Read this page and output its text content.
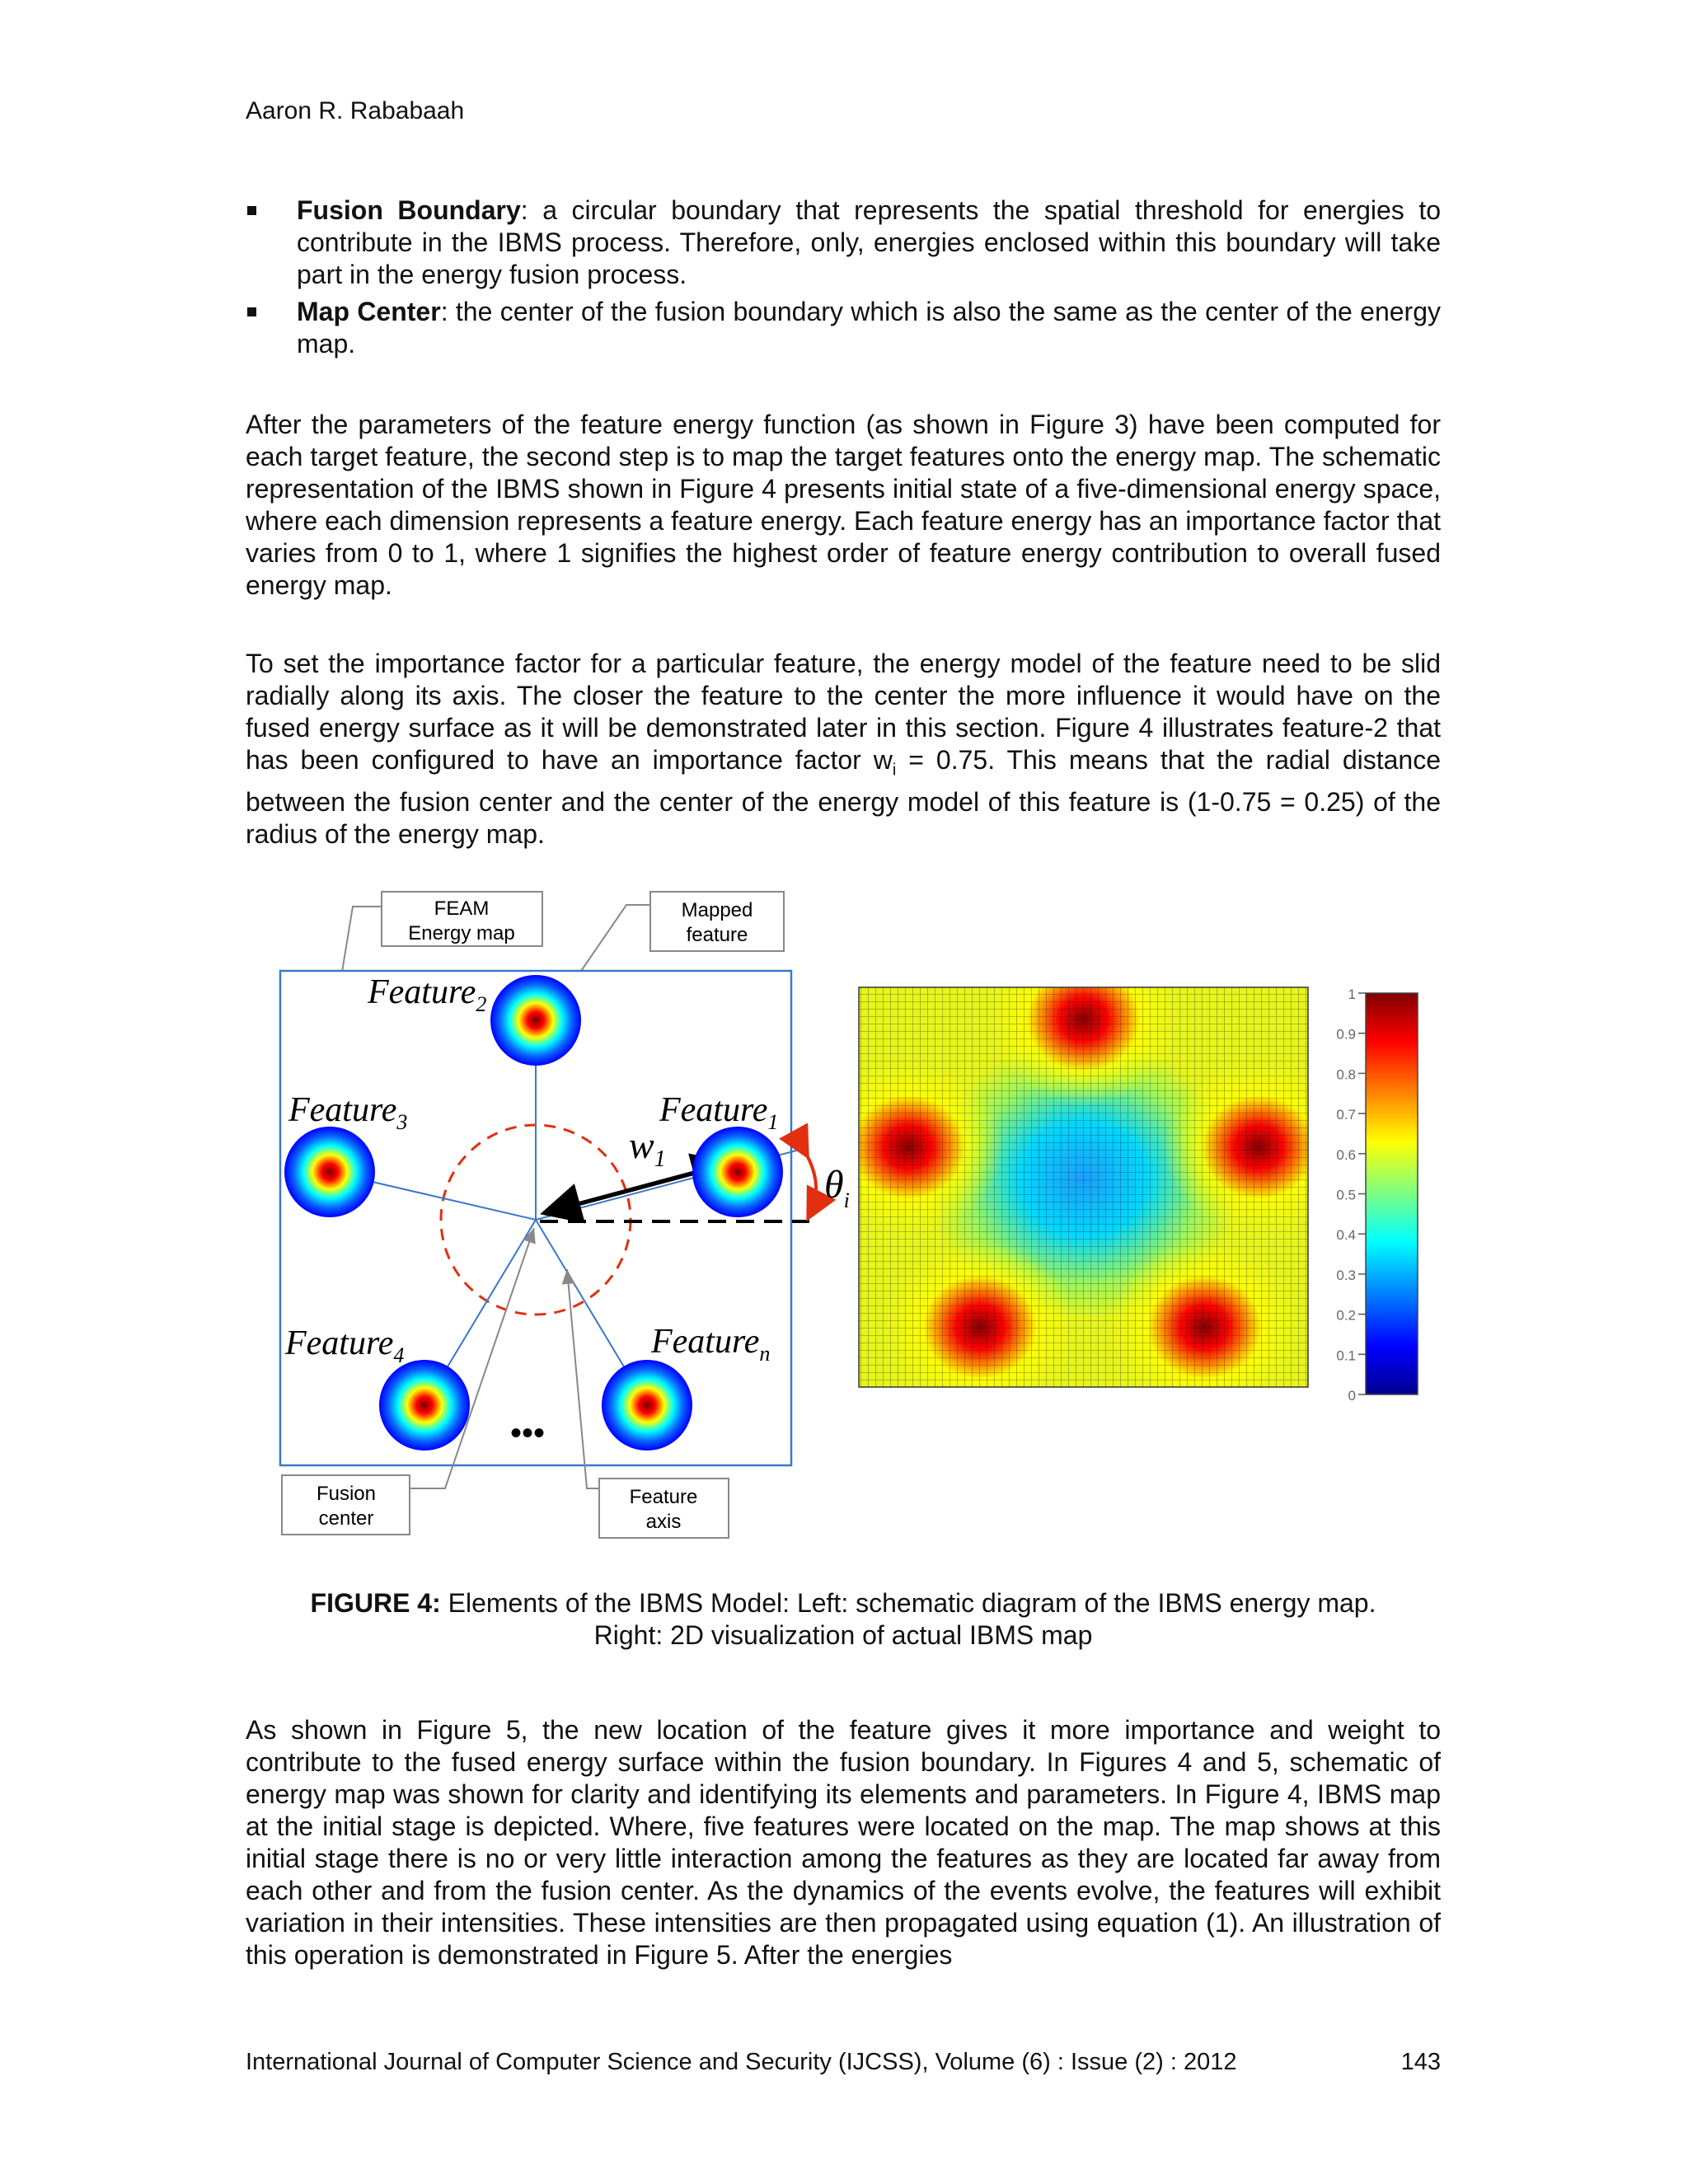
Aaron R. Rababaah
Fusion Boundary: a circular boundary that represents the spatial threshold for energies to contribute in the IBMS process. Therefore, only, energies enclosed within this boundary will take part in the energy fusion process.
Map Center: the center of the fusion boundary which is also the same as the center of the energy map.

After the parameters of the feature energy function (as shown in Figure 3) have been computed for each target feature, the second step is to map the target features onto the energy map. The schematic representation of the IBMS shown in Figure 4 presents initial state of a five-dimensional energy space, where each dimension represents a feature energy. Each feature energy has an importance factor that varies from 0 to 1, where 1 signifies the highest order of feature energy contribution to overall fused energy map.

To set the importance factor for a particular feature, the energy model of the feature need to be slid radially along its axis. The closer the feature to the center the more influence it would have on the fused energy surface as it will be demonstrated later in this section. Figure 4 illustrates feature-2 that has been configured to have an importance factor $w_i = 0.75$. This means that the radial distance between the fusion center and the center of the energy model of this feature is (1-0.75 = 0.25) of the radius of the energy map.

FEAM
Energy map
Mapped
feature
Feature$_2$
Feature$_3$	Feature$_1$
Feature$_4$	Feature$_n$
$w_1$
$\theta_i$
•••
Fusion
center
Feature
axis
1
0.9
0.8
0.7
0.6
0.5
0.4
0.3
0.2
0.1
0
FIGURE 4: Elements of the IBMS Model: Left: schematic diagram of the IBMS energy map.
Right: 2D visualization of actual IBMS map

As shown in Figure 5, the new location of the feature gives it more importance and weight to contribute to the fused energy surface within the fusion boundary. In Figures 4 and 5, schematic of energy map was shown for clarity and identifying its elements and parameters. In Figure 4, IBMS map at the initial stage is depicted. Where, five features were located on the map. The map shows at this initial stage there is no or very little interaction among the features as they are located far away from each other and from the fusion center. As the dynamics of the events evolve, the features will exhibit variation in their intensities. These intensities are then propagated using equation (1). An illustration of this operation is demonstrated in Figure 5. After the energies

International Journal of Computer Science and Security (IJCSS), Volume (6) : Issue (2) : 2012	143
